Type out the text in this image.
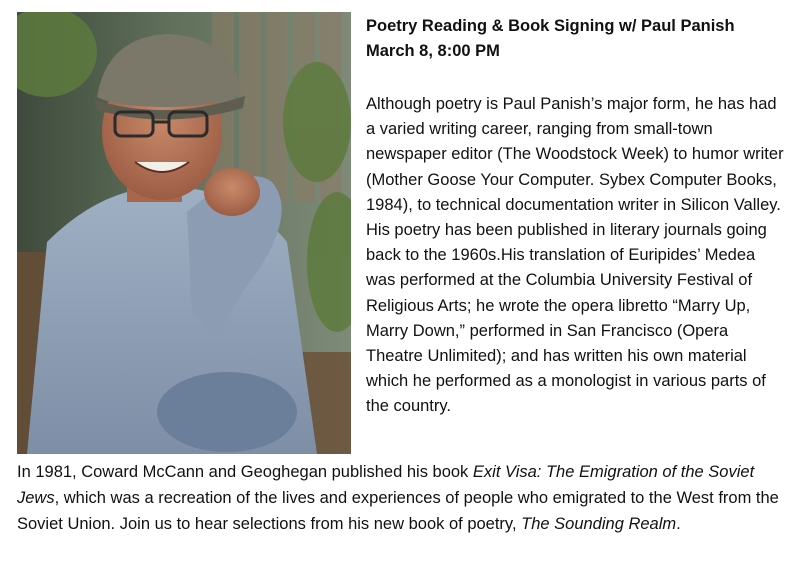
Poetry Reading & Book Signing w/ Paul Panish
March 8, 8:00 PM
Although poetry is Paul Panish’s major form, he has had a varied writing career, ranging from small-town newspaper editor (The Woodstock Week) to humor writer (Mother Goose Your Computer. Sybex Computer Books, 1984), to technical documentation writer in Silicon Valley. His poetry has been published in literary journals going back to the 1960s.His translation of Euripides’ Medea was performed at the Columbia University Festival of Religious Arts; he wrote the opera libretto “Marry Up, Marry Down,” performed in San Francisco (Opera Theatre Unlimited); and has written his own material which he performed as a monologist in various parts of the country.
In 1981, Coward McCann and Geoghegan published his book Exit Visa: The Emigration of the Soviet Jews, which was a recreation of the lives and experiences of people who emigrated to the West from the Soviet Union. Join us to hear selections from his new book of poetry, The Sounding Realm.
